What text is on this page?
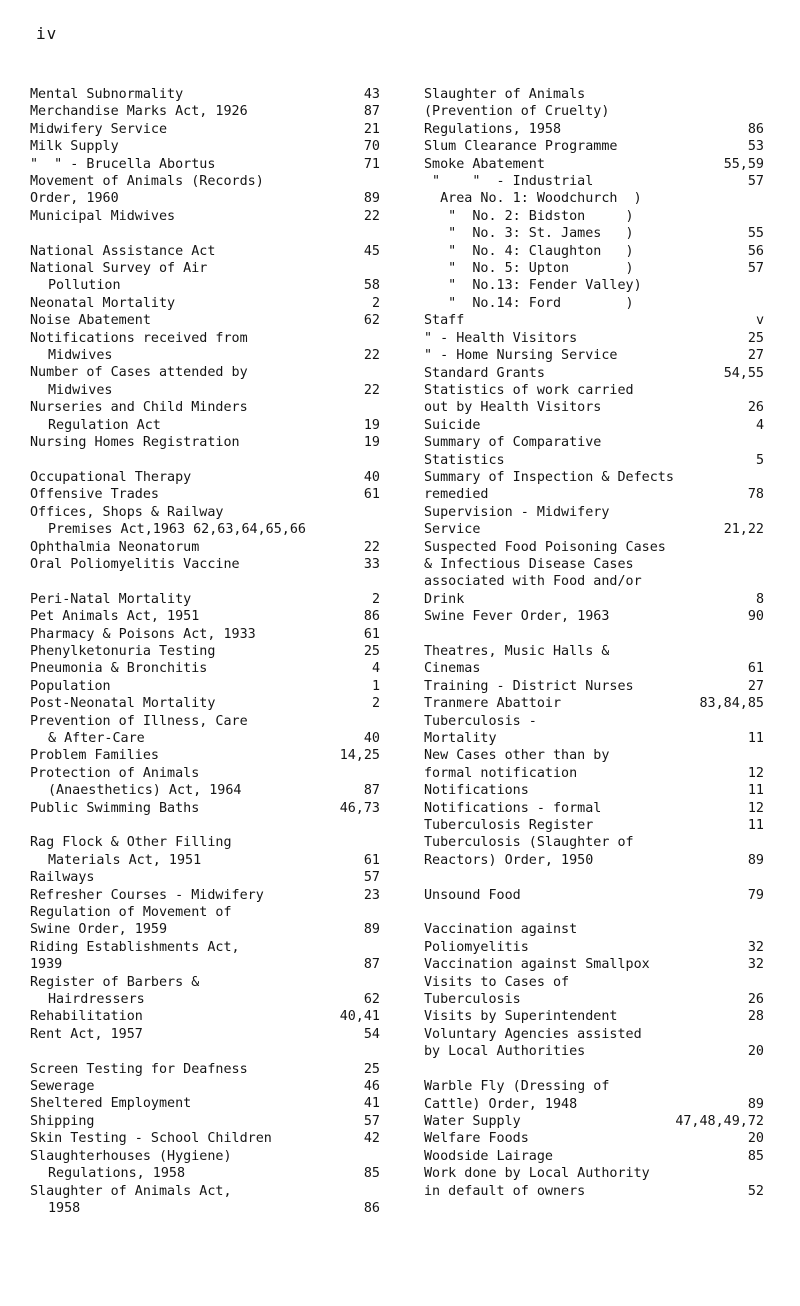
iv
Mental Subnormality	43
Merchandise Marks Act, 1926	87
Midwifery Service	21
Milk Supply	70
"  " - Brucella Abortus	71
Movement of Animals (Records)
Order, 1960	89
Municipal Midwives	22
National Assistance Act	45
National Survey of Air
Pollution	58
Neonatal Mortality	2
Noise Abatement	62
Notifications received from
Midwives	22
Number of Cases attended by
Midwives	22
Nurseries and Child Minders
Regulation Act	19
Nursing Homes Registration	19
Occupational Therapy	40
Offensive Trades	61
Offices, Shops & Railway
Premises Act,1963 62,63,64,65,66
Ophthalmia Neonatorum	22
Oral Poliomyelitis Vaccine	33
Peri-Natal Mortality	2
Pet Animals Act, 1951	86
Pharmacy & Poisons Act, 1933	61
Phenylketonuria Testing	25
Pneumonia & Bronchitis	4
Population	1
Post-Neonatal Mortality	2
Prevention of Illness, Care
& After-Care	40
Problem Families	14,25
Protection of Animals
(Anaesthetics) Act, 1964	87
Public Swimming Baths	46,73
Rag Flock & Other Filling
Materials Act, 1951	61
Railways	57
Refresher Courses - Midwifery	23
Regulation of Movement of
Swine Order, 1959	89
Riding Establishments Act,
1939	87
Register of Barbers &
Hairdressers	62
Rehabilitation	40,41
Rent Act, 1957	54
Screen Testing for Deafness	25
Sewerage	46
Sheltered Employment	41
Shipping	57
Skin Testing - School Children	42
Slaughterhouses (Hygiene)
Regulations, 1958	85
Slaughter of Animals Act,
1958	86
Slaughter of Animals
(Prevention of Cruelty)
Regulations, 1958	86
Slum Clearance Programme	53
Smoke Abatement	55,59
"    "  - Industrial	57
Area No. 1: Woodchurch  )
"  No. 2: Bidston     )
"  No. 3: St. James   )	55
"  No. 4: Claughton   )	56
"  No. 5: Upton       )	57
"  No.13: Fender Valley)
"  No.14: Ford        )
Staff	v
" - Health Visitors	25
" - Home Nursing Service	27
Standard Grants	54,55
Statistics of work carried
out by Health Visitors	26
Suicide	4
Summary of Comparative
Statistics	5
Summary of Inspection & Defects
remedied	78
Supervision - Midwifery
Service	21,22
Suspected Food Poisoning Cases
& Infectious Disease Cases
associated with Food and/or
Drink	8
Swine Fever Order, 1963	90
Theatres, Music Halls &
Cinemas	61
Training - District Nurses	27
Tranmere Abattoir	83,84,85
Tuberculosis -
Mortality	11
New Cases other than by
formal notification	12
Notifications	11
Notifications - formal	12
Tuberculosis Register	11
Tuberculosis (Slaughter of
Reactors) Order, 1950	89
Unsound Food	79
Vaccination against
Poliomyelitis	32
Vaccination against Smallpox	32
Visits to Cases of
Tuberculosis	26
Visits by Superintendent	28
Voluntary Agencies assisted
by Local Authorities	20
Warble Fly (Dressing of
Cattle) Order, 1948	89
Water Supply	47,48,49,72
Welfare Foods	20
Woodside Lairage	85
Work done by Local Authority
in default of owners	52
